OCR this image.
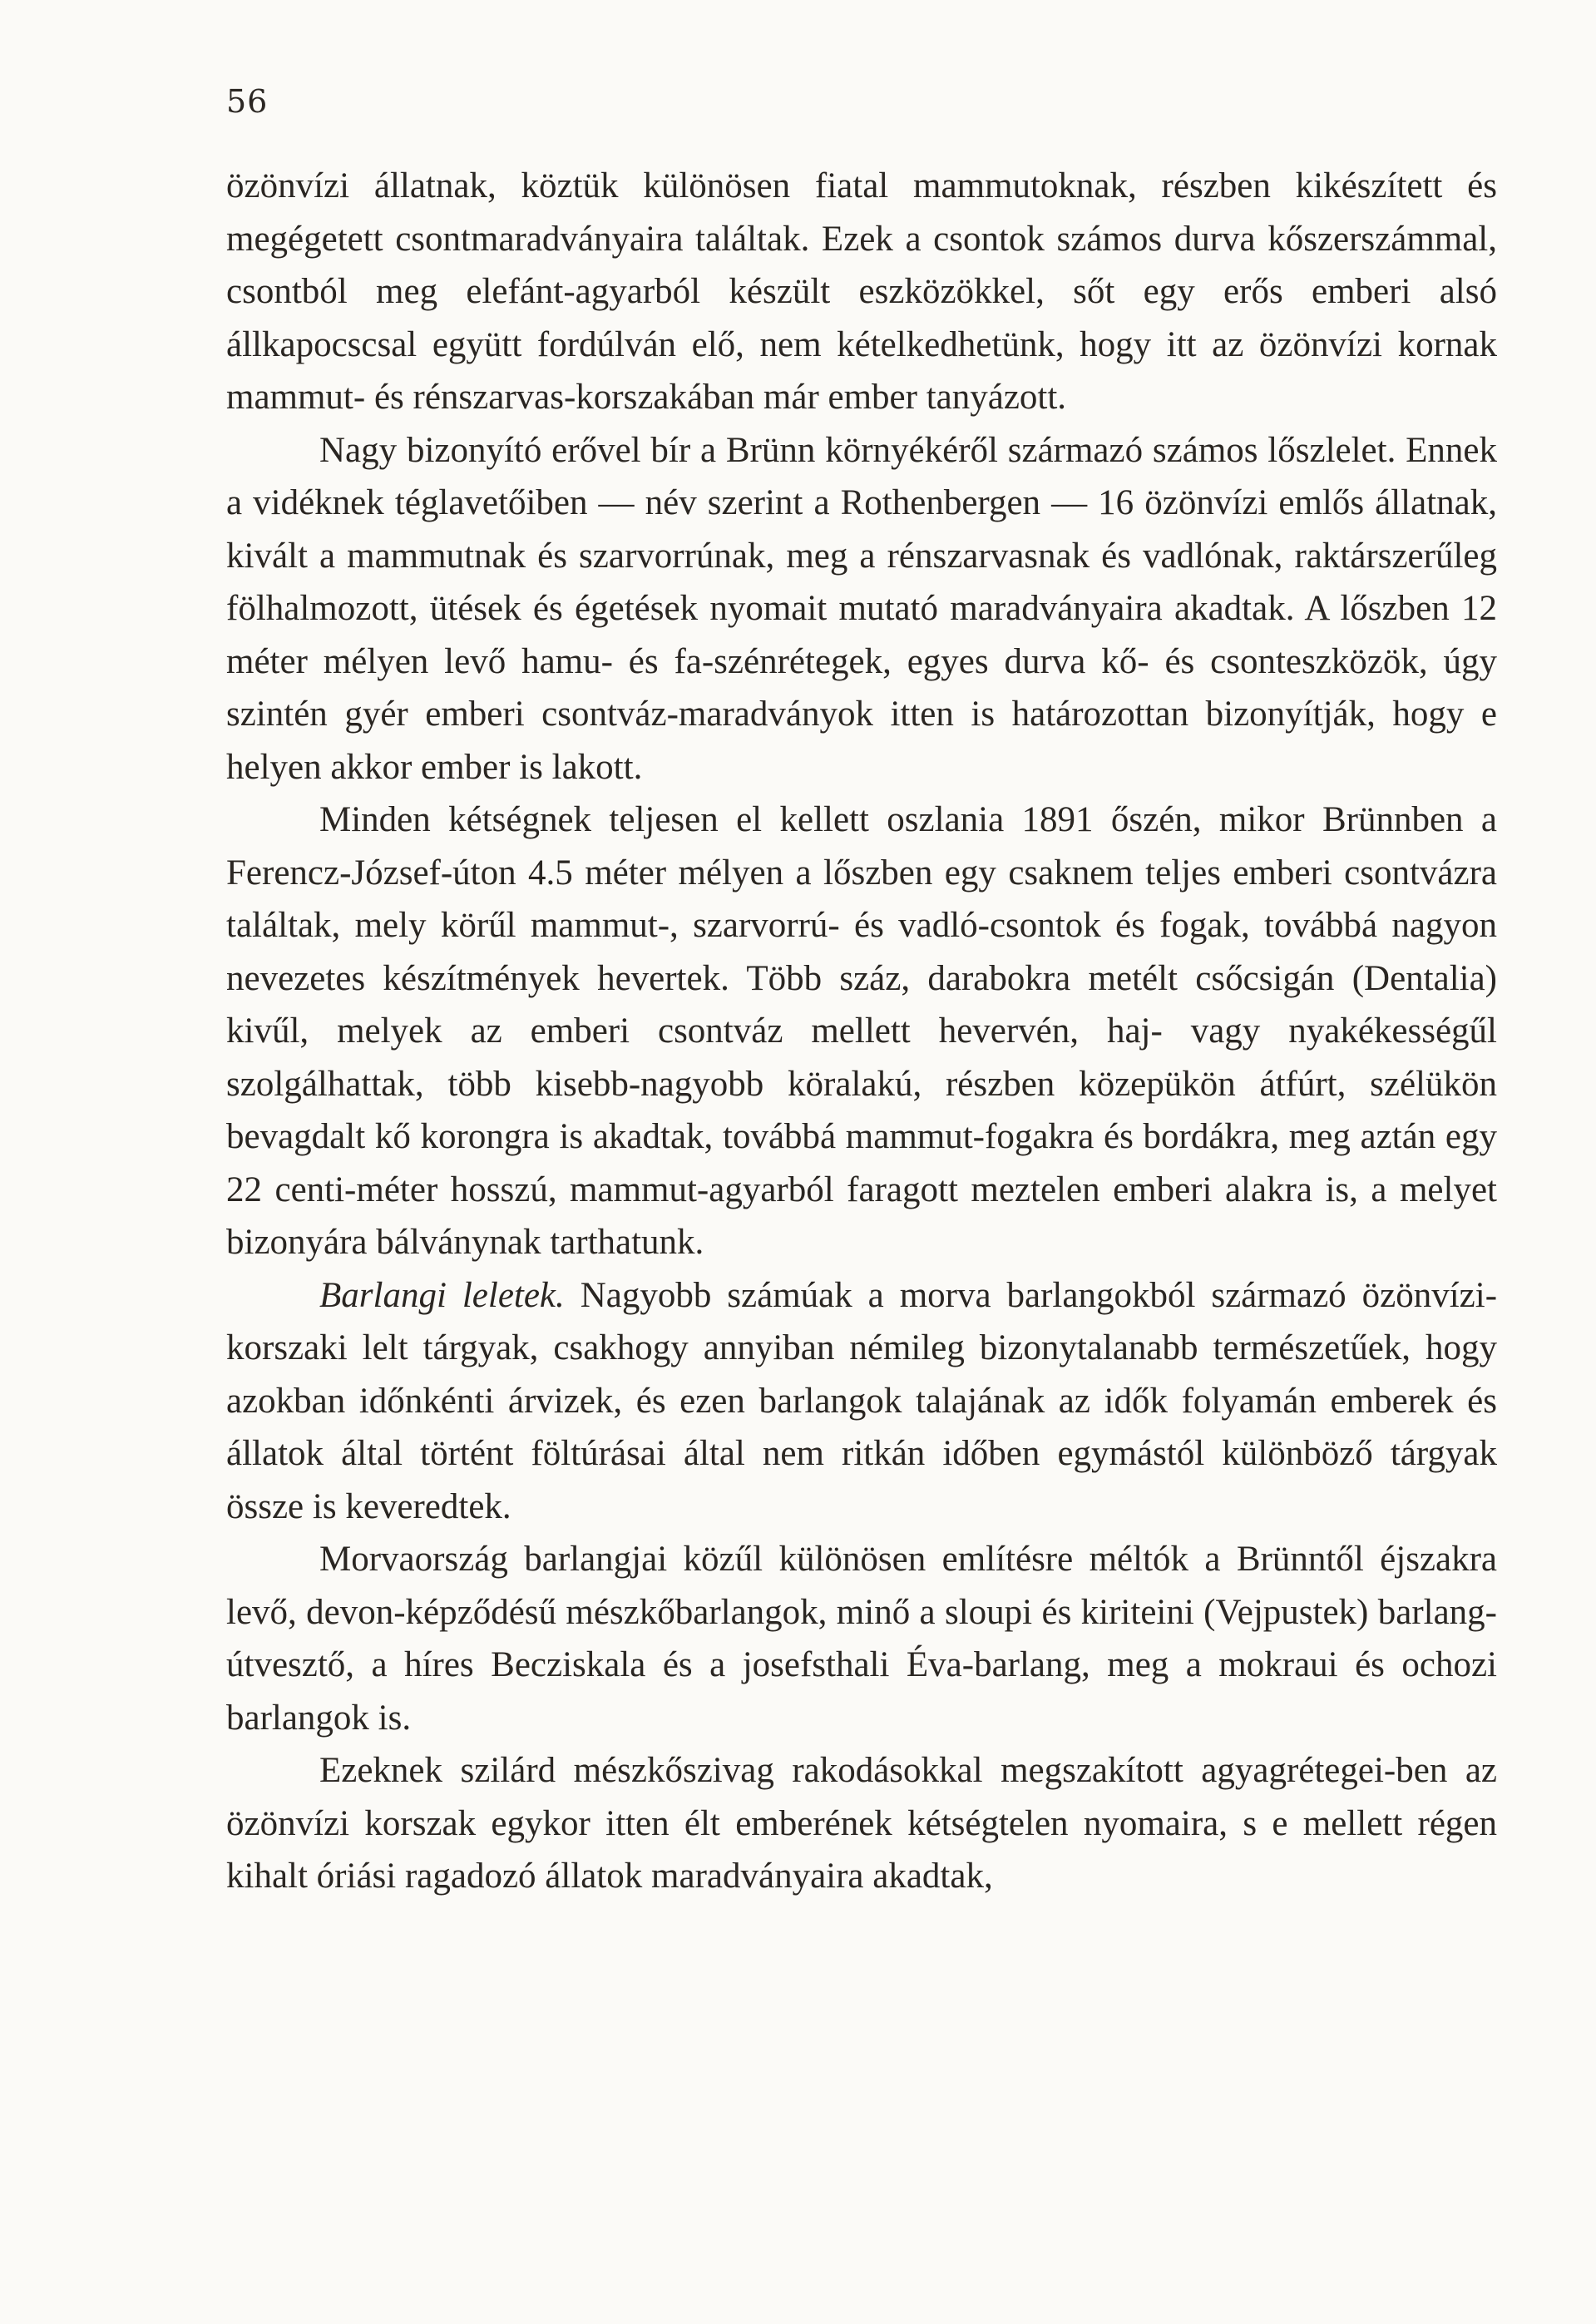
56

özönvízi állatnak, köztük különösen fiatal mammutoknak, részben kikészített és megégetett csontmaradványaira találtak. Ezek a csontok számos durva kőszerszámmal, csontból meg elefánt-agyarból készült eszközökkel, sőt egy erős emberi alsó állkapocscsal együtt fordúlván elő, nem kételkedhetünk, hogy itt az özönvízi kornak mammut- és rénszarvas-korszakában már ember tanyázott.

Nagy bizonyító erővel bír a Brünn környékéről származó számos lőszlelet. Ennek a vidéknek téglavetőiben — név szerint a Rothenbergen — 16 özönvízi emlős állatnak, kivált a mammutnak és szarvorrúnak, meg a rénszarvasnak és vadlónak, raktárszerűleg fölhalmozott, ütések és égetések nyomait mutató maradványaira akadtak. A lőszben 12 méter mélyen levő hamu- és fa-szénrétegek, egyes durva kő- és csonteszközök, úgy szintén gyér emberi csontváz-maradványok itten is határozottan bizonyítják, hogy e helyen akkor ember is lakott.

Minden kétségnek teljesen el kellett oszlania 1891 őszén, mikor Brünnben a Ferencz-József-úton 4.5 méter mélyen a lőszben egy csaknem teljes emberi csontvázra találtak, mely körűl mammut-, szarvorrú- és vadló-csontok és fogak, továbbá nagyon nevezetes készítmények hevertek. Több száz, darabokra metélt csőcsigán (Dentalia) kivűl, melyek az emberi csontváz mellett hevervén, haj- vagy nyakékességűl szolgálhattak, több kisebb-nagyobb köralakú, részben közepükön átfúrt, szélükön bevagdalt kő korongra is akadtak, továbbá mammut-fogakra és bordákra, meg aztán egy 22 centi-méter hosszú, mammut-agyarból faragott meztelen emberi alakra is, a melyet bizonyára bálványnak tarthatunk.

Barlangi leletek. Nagyobb számúak a morva barlangokból származó özönvízi-korszaki lelt tárgyak, csakhogy annyiban némileg bizonytalanabb természetűek, hogy azokban időnkénti árvizek, és ezen barlangok talajának az idők folyamán emberek és állatok által történt föltúrásai által nem ritkán időben egymástól különböző tárgyak össze is keveredtek.

Morvaország barlangjai közűl különösen említésre méltók a Brünntől éjszakra levő, devon-képződésű mészkőbarlangok, minő a sloupi és kiriteini (Vejpustek) barlang-útvesztő, a híres Becziskala és a josefsthali Éva-barlang, meg a mokraui és ochozi barlangok is.

Ezeknek szilárd mészkőszivag rakodásokkal megszakított agyagrétegei-ben az özönvízi korszak egykor itten élt emberének kétségtelen nyomaira, s e mellett régen kihalt óriási ragadozó állatok maradványaira akadtak,
